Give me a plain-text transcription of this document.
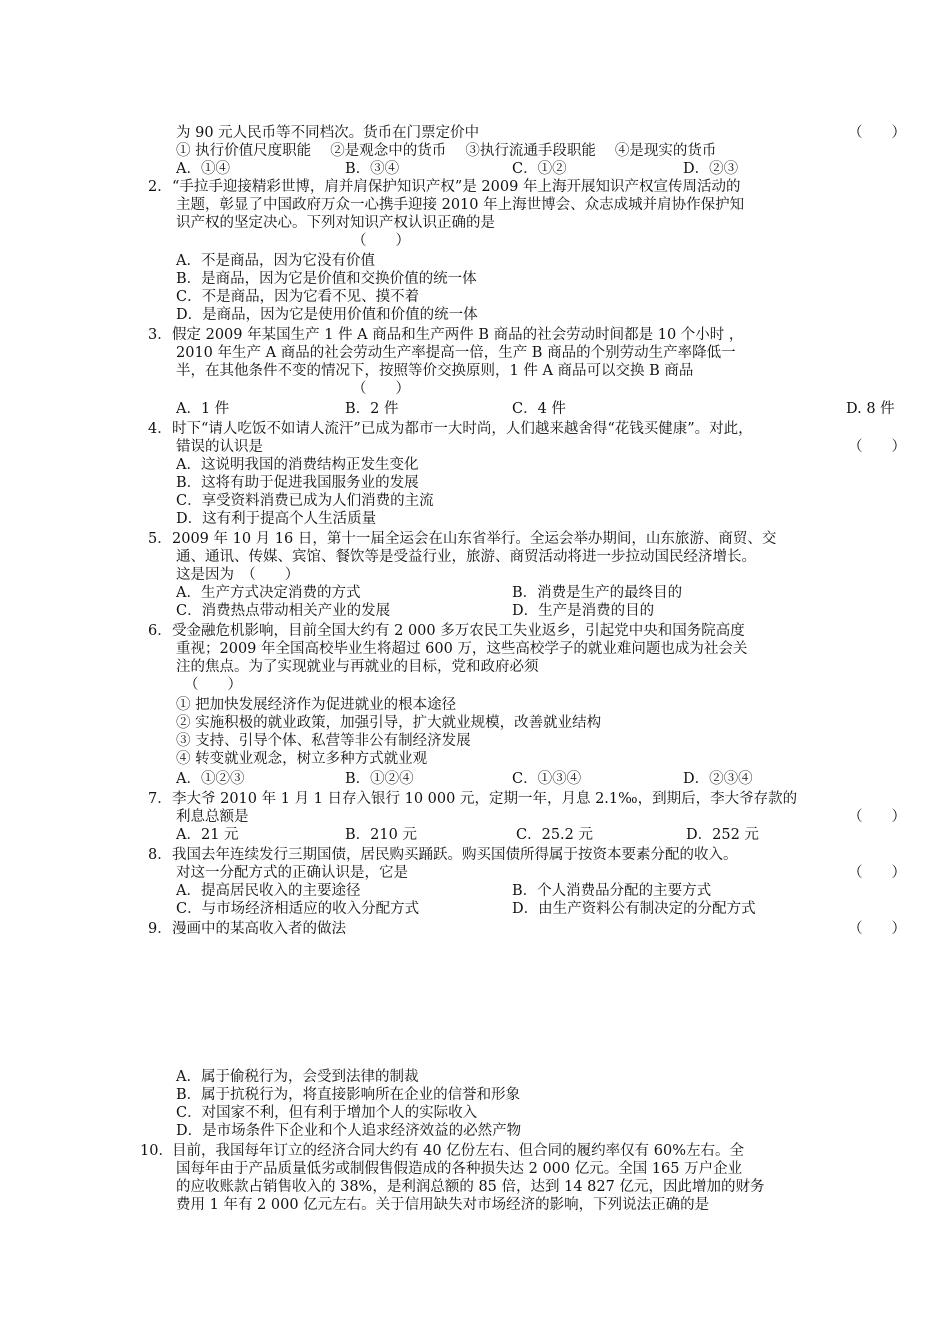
为 90 元人民币等不同档次。货币在门票定价中	（　　）
① 执行价值尺度职能　 ②是观念中的货币　 ③执行流通手段职能　 ④是现实的货币
A．①④	B．③④	C．①②	D．②③
2． “手拉手迎接精彩世博，肩并肩保护知识产权”是 2009 年上海开展知识产权宣传周活动的
主题，彰显了中国政府万众一心携手迎接 2010 年上海世博会、众志成城并肩协作保护知
识产权的坚定决心。下列对知识产权认识正确的是
（　　）
A．不是商品，因为它没有价值
B．是商品，因为它是价值和交换价值的统一体
C．不是商品，因为它看不见、摸不着
D．是商品，因为它是使用价值和价值的统一体
3． 假定 2009 年某国生产 1 件 A 商品和生产两件 B 商品的社会劳动时间都是 10 个小时 ，
2010 年生产 A 商品的社会劳动生产率提高一倍，生产 B 商品的个别劳动生产率降低一
半，在其他条件不变的情况下，按照等价交换原则，1 件 A 商品可以交换 B 商品
（　　）
A．1 件	B．2 件	C．4 件	D. 8 件
4． 时下“请人吃饭不如请人流汗”已成为都市一大时尚，人们越来越舍得“花钱买健康”。对此，
错误的认识是	（　　）
A．这说明我国的消费结构正发生变化
B．这将有助于促进我国服务业的发展
C．享受资料消费已成为人们消费的主流
D．这有利于提高个人生活质量
5． 2009 年 10 月 16 日，第十一届全运会在山东省举行。全运会举办期间，山东旅游、商贸、交
通、通讯、传媒、宾馆、餐饮等是受益行业，旅游、商贸活动将进一步拉动国民经济增长。
这是因为　（　　）
A．生产方式决定消费的方式	B．消费是生产的最终目的
C．消费热点带动相关产业的发展	D．生产是消费的目的
6． 受金融危机影响，目前全国大约有 2 000 多万农民工失业返乡，引起党中央和国务院高度
重视；2009 年全国高校毕业生将超过 600 万，这些高校学子的就业难问题也成为社会关
注的焦点。为了实现就业与再就业的目标，党和政府必须
（　　）
① 把加快发展经济作为促进就业的根本途径
② 实施积极的就业政策，加强引导，扩大就业规模，改善就业结构
③ 支持、引导个体、私营等非公有制经济发展
④ 转变就业观念，树立多种方式就业观
A．①②③	B．①②④	C．①③④	D．②③④
7． 李大爷 2010 年 1 月 1 日存入银行 10 000 元，定期一年，月息 2.1‰，到期后，李大爷存款的
利息总额是	（　　）
A．21 元	B．210 元	C．25.2 元	D．252 元
8． 我国去年连续发行三期国债，居民购买踊跃。购买国债所得属于按资本要素分配的收入。
对这一分配方式的正确认识是，它是	（　　）
A．提高居民收入的主要途径	B．个人消费品分配的主要方式
C．与市场经济相适应的收入分配方式	D．由生产资料公有制决定的分配方式
9． 漫画中的某高收入者的做法	（　　）
A．属于偷税行为，会受到法律的制裁
B．属于抗税行为，将直接影响所在企业的信誉和形象
C．对国家不利，但有利于增加个人的实际收入
D．是市场条件下企业和个人追求经济效益的必然产物
10． 目前，我国每年订立的经济合同大约有 40 亿份左右、但合同的履约率仅有 60%左右。全
国每年由于产品质量低劣或制假售假造成的各种损失达 2 000 亿元。全国 165 万户企业
的应收账款占销售收入的 38%，是利润总额的 85 倍，达到 14 827 亿元，因此增加的财务
费用 1 年有 2 000 亿元左右。关于信用缺失对市场经济的影响，下列说法正确的是
